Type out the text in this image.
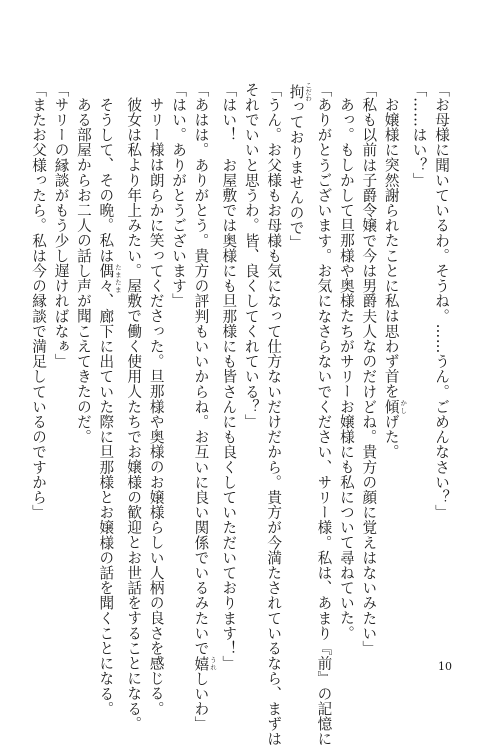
「お母様に聞いているわ。そうね。……うん。ごめんなさい？」
「……はい？」
お嬢様に突然謝られたことに私は思わず首を傾 かしげた。
「私も以前は子爵令嬢で今は男爵夫人なのだけどね。貴方の顔に覚えはないみたい」
あっ。もしかして旦那様や奥様たちがサリーお嬢様にも私について尋ねていた。
「ありがとうございます。お気になさらないでください、サリー様。私は、あまり『前』の記憶に
拘 こだわっておりませんので」
「うん。お父様もお母様も気になって仕方ないだけだから。貴方が今満たされているなら、まずは
それでいいと思うわ。皆、良くしてくれている？」
「はい！　お屋敷では奥様にも旦那様にも皆さんにも良くしていただいております！」
「あはは。ありがとう。貴方の評判もいいからね。お互いに良い関係でいるみたいで嬉 うれしいわ」
「はい。ありがとうございます」
サリー様は朗らかに笑ってくださった。旦那様や奥様のお嬢様らしい人柄の良さを感じる。
彼女は私より年上みたい。屋敷で働く使用人たちでお嬢様の歓迎とお世話をすることになる。
そうして、その晩。私は偶々 たまたま、廊下に出ていた際に旦那様とお嬢様の話を聞くことになる。
ある部屋からお二人の話し声が聞こえてきたのだ。
「サリーの縁談がもう少し遅ければなぁ」
「またお父様ったら。私は今の縁談で満足しているのですから」
10
